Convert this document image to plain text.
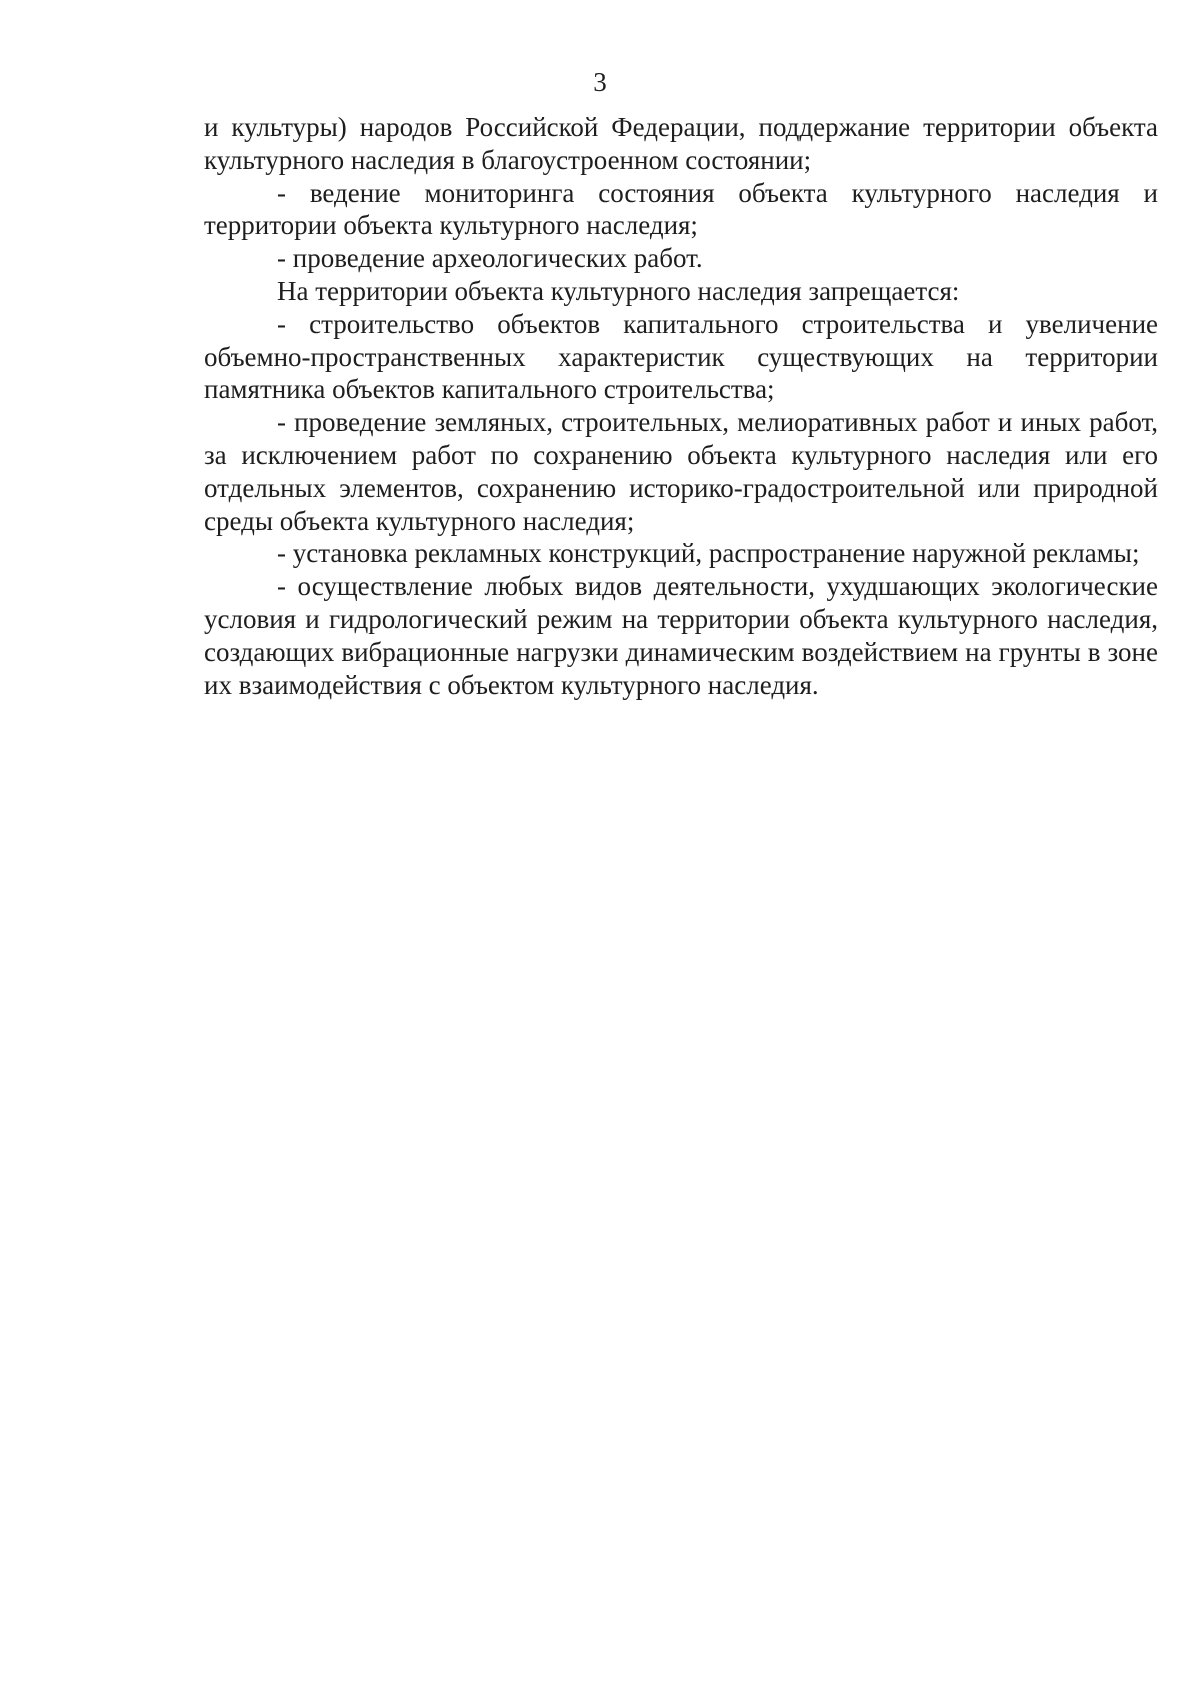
3

и культуры) народов Российской Федерации, поддержание территории объекта культурного наследия в благоустроенном состоянии;

- ведение мониторинга состояния объекта культурного наследия и территории объекта культурного наследия;

- проведение археологических работ.

На территории объекта культурного наследия запрещается:

- строительство объектов капитального строительства и увеличение объемно-пространственных характеристик существующих на территории памятника объектов капитального строительства;

- проведение земляных, строительных, мелиоративных работ и иных работ, за исключением работ по сохранению объекта культурного наследия или его отдельных элементов, сохранению историко-градостроительной или природной среды объекта культурного наследия;

- установка рекламных конструкций, распространение наружной рекламы;

- осуществление любых видов деятельности, ухудшающих экологические условия и гидрологический режим на территории объекта культурного наследия, создающих вибрационные нагрузки динамическим воздействием на грунты в зоне их взаимодействия с объектом культурного наследия.
